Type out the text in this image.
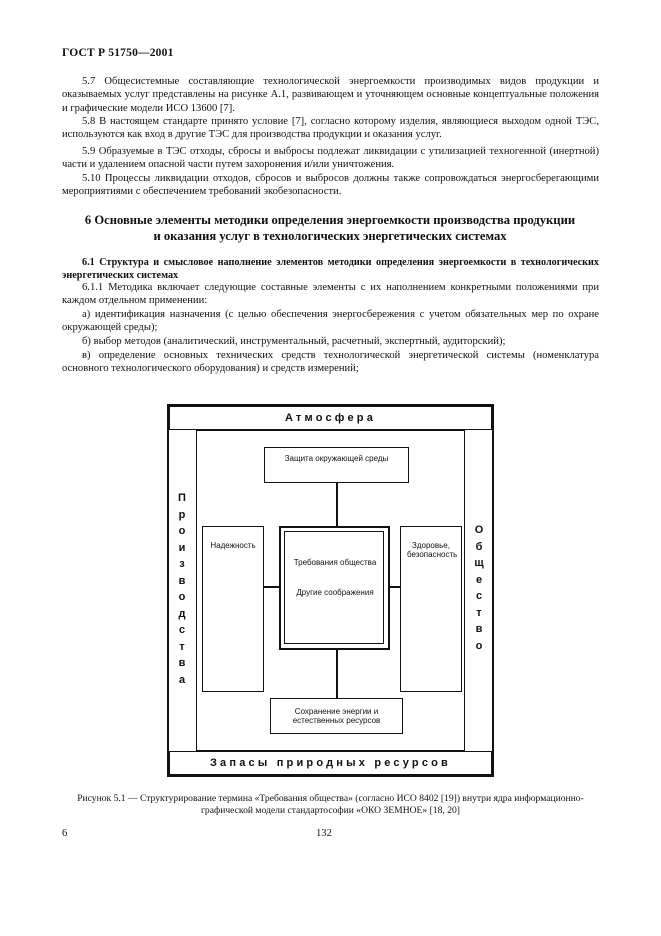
ГОСТ Р 51750—2001
5.7 Общесистемные составляющие технологической энергоемкости производимых видов продукции и оказываемых услуг представлены на рисунке А.1, развивающем и уточняющем основные концептуальные положения и графические модели ИСО 13600 [7].
5.8 В настоящем стандарте принято условие [7], согласно которому изделия, являющиеся выходом одной ТЭС, используются как вход в другие ТЭС для производства продукции и оказания услуг.
5.9 Образуемые в ТЭС отходы, сбросы и выбросы подлежат ликвидации с утилизацией техногенной (инертной) части и удалением опасной части путем захоронения и/или уничтожения.
5.10 Процессы ликвидации отходов, сбросов и выбросов должны также сопровождаться энергосберегающими мероприятиями с обеспечением требований экобезопасности.
6 Основные элементы методики определения энергоемкости производства продукции и оказания услуг в технологических энергетических системах
6.1 Структура и смысловое наполнение элементов методики определения энергоемкости в технологических энергетических системах
6.1.1 Методика включает следующие составные элементы с их наполнением конкретными положениями при каждом отдельном применении:
а) идентификация назначения (с целью обеспечения энергосбережения с учетом обязательных мер по охране окружающей среды);
б) выбор методов (аналитический, инструментальный, расчетный, экспертный, аудиторский);
в) определение основных технических средств технологической энергетической системы (номенклатура основного технологического оборудования) и средств измерений;
Атмосфера
Запасы природных ресурсов
П
р
о
и
з
в
о
д
с
т
в
а
О
б
щ
е
с
т
в
о
Защита окружающей среды
Надежность	Здоровье, безопасность
Требования общества
Другие соображения
Сохранение энергии и естественных ресурсов
Рисунок 5.1 — Структурирование термина «Требования общества» (согласно ИСО 8402 [19]) внутри ядра информационно-графической модели стандартософии «ОКО ЗЕМНОЕ» [18, 20]
6	132
